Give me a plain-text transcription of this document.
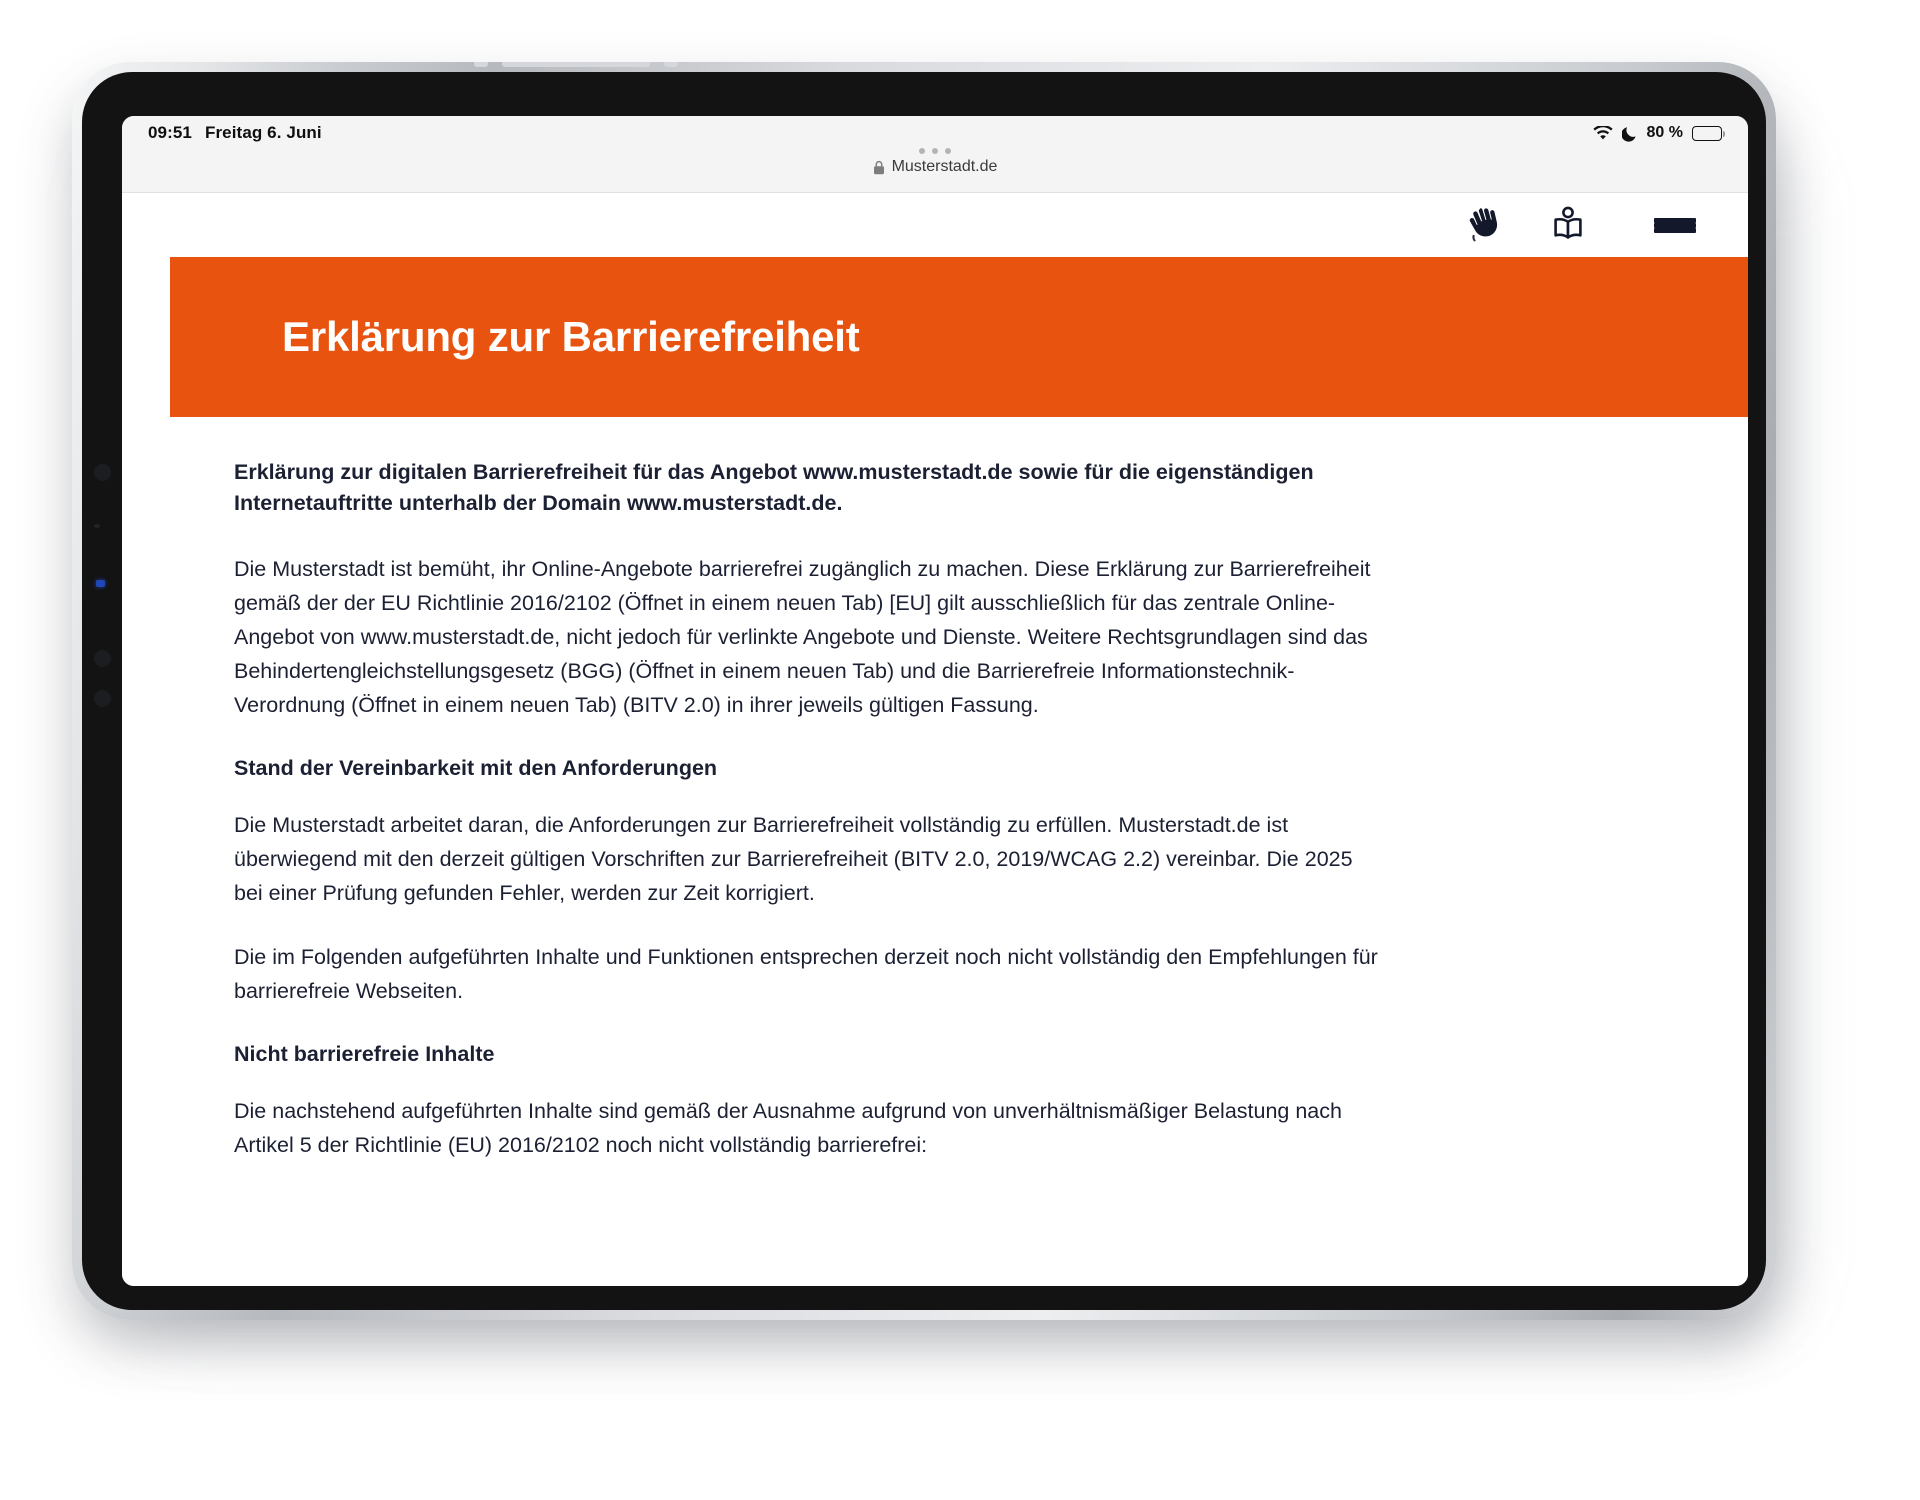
09:51 Freitag 6. Juni	80 %
Musterstadt.de
Erklärung zur Barrierefreiheit

Erklärung zur digitalen Barrierefreiheit für das Angebot www.musterstadt.de sowie für die eigenständigen Internetauftritte unterhalb der Domain www.musterstadt.de.

Die Musterstadt ist bemüht, ihr Online-Angebote barrierefrei zugänglich zu machen. Diese Erklärung zur Barrierefreiheit gemäß der der EU Richtlinie 2016/2102 (Öffnet in einem neuen Tab) [EU] gilt ausschließlich für das zentrale Online-Angebot von www.musterstadt.de, nicht jedoch für verlinkte Angebote und Dienste. Weitere Rechtsgrundlagen sind das Behindertengleichstellungsgesetz (BGG) (Öffnet in einem neuen Tab) und die Barrierefreie Informationstechnik-Verordnung (Öffnet in einem neuen Tab) (BITV 2.0) in ihrer jeweils gültigen Fassung.

Stand der Vereinbarkeit mit den Anforderungen

Die Musterstadt arbeitet daran, die Anforderungen zur Barrierefreiheit vollständig zu erfüllen. Musterstadt.de ist überwiegend mit den derzeit gültigen Vorschriften zur Barrierefreiheit (BITV 2.0, 2019/WCAG 2.2) vereinbar. Die 2025 bei einer Prüfung gefunden Fehler, werden zur Zeit korrigiert.

Die im Folgenden aufgeführten Inhalte und Funktionen entsprechen derzeit noch nicht vollständig den Empfehlungen für barrierefreie Webseiten.

Nicht barrierefreie Inhalte

Die nachstehend aufgeführten Inhalte sind gemäß der Ausnahme aufgrund von unverhältnismäßiger Belastung nach Artikel 5 der Richtlinie (EU) 2016/2102 noch nicht vollständig barrierefrei:
